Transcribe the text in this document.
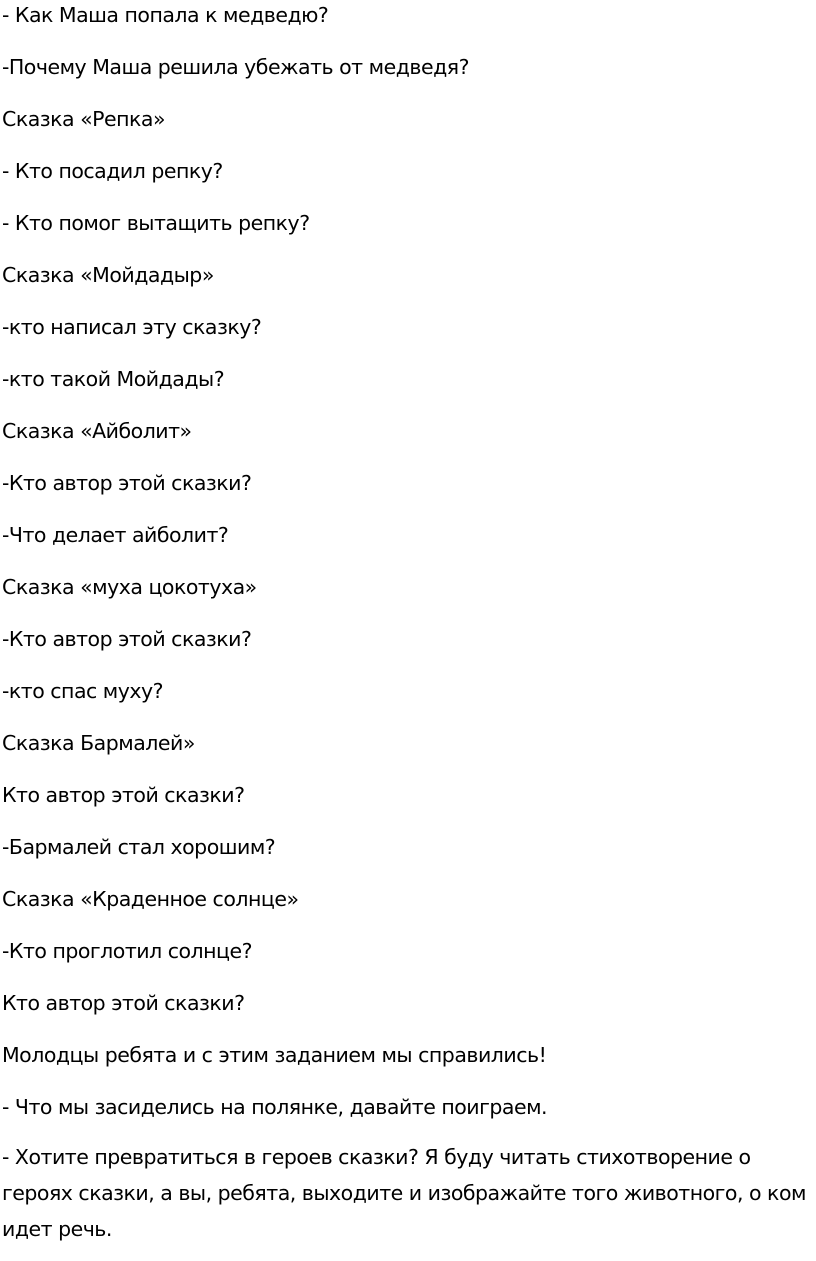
- Как Маша попала к медведю?

-Почему Маша решила убежать от медведя?

Сказка «Репка»

- Кто посадил репку?

- Кто помог вытащить репку?

Сказка «Мойдадыр»

-кто написал эту сказку?

-кто такой Мойдады?

Сказка «Айболит»

-Кто автор этой сказки?

-Что делает айболит?

Сказка «муха цокотуха»

-Кто автор этой сказки?

-кто спас муху?

Сказка Бармалей»

Кто автор этой сказки?

-Бармалей стал хорошим?

Сказка «Краденное солнце»

-Кто проглотил солнце?

Кто автор этой сказки?

Молодцы ребята и с этим заданием мы справились!

- Что мы засиделись на полянке, давайте поиграем.

- Хотите превратиться в героев сказки? Я буду читать стихотворение о героях сказки, а вы, ребята, выходите и изображайте того животного, о ком идет речь.
